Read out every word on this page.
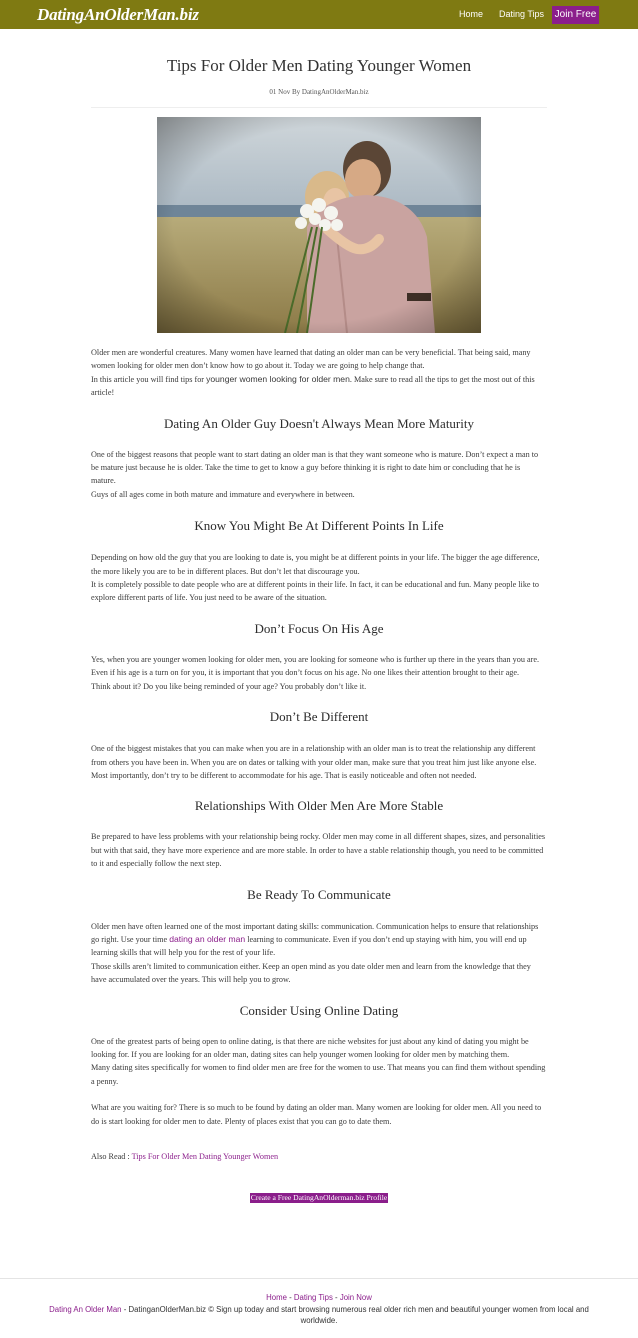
DatingAnOlderMan.biz	Home Dating Tips Join Free
Tips For Older Men Dating Younger Women
01 Nov By DatingAnOlderMan.biz

Older men are wonderful creatures. Many women have learned that dating an older man can be very beneficial. That being said, many women looking for older men don’t know how to go about it. Today we are going to help change that.

In this article you will find tips for younger women looking for older men. Make sure to read all the tips to get the most out of this article!

Dating An Older Guy Doesn't Always Mean More Maturity

One of the biggest reasons that people want to start dating an older man is that they want someone who is mature. Don’t expect a man to be mature just because he is older. Take the time to get to know a guy before thinking it is right to date him or concluding that he is mature.

Guys of all ages come in both mature and immature and everywhere in between.

Know You Might Be At Different Points In Life

Depending on how old the guy that you are looking to date is, you might be at different points in your life. The bigger the age difference, the more likely you are to be in different places. But don’t let that discourage you.

It is completely possible to date people who are at different points in their life. In fact, it can be educational and fun. Many people like to explore different parts of life. You just need to be aware of the situation.

Don’t Focus On His Age

Yes, when you are younger women looking for older men, you are looking for someone who is further up there in the years than you are. Even if his age is a turn on for you, it is important that you don’t focus on his age. No one likes their attention brought to their age.

Think about it? Do you like being reminded of your age? You probably don’t like it.

Don’t Be Different

One of the biggest mistakes that you can make when you are in a relationship with an older man is to treat the relationship any different from others you have been in. When you are on dates or talking with your older man, make sure that you treat him just like anyone else.

Most importantly, don’t try to be different to accommodate for his age. That is easily noticeable and often not needed.

Relationships With Older Men Are More Stable

Be prepared to have less problems with your relationship being rocky. Older men may come in all different shapes, sizes, and personalities but with that said, they have more experience and are more stable. In order to have a stable relationship though, you need to be committed to it and especially follow the next step.

Be Ready To Communicate

Older men have often learned one of the most important dating skills: communication. Communication helps to ensure that relationships go right. Use your time dating an older man learning to communicate. Even if you don’t end up staying with him, you will end up learning skills that will help you for the rest of your life.

Those skills aren’t limited to communication either. Keep an open mind as you date older men and learn from the knowledge that they have accumulated over the years. This will help you to grow.

Consider Using Online Dating

One of the greatest parts of being open to online dating, is that there are niche websites for just about any kind of dating you might be looking for. If you are looking for an older man, dating sites can help younger women looking for older men by matching them.

Many dating sites specifically for women to find older men are free for the women to use. That means you can find them without spending a penny.

What are you waiting for? There is so much to be found by dating an older man. Many women are looking for older men. All you need to do is start looking for older men to date. Plenty of places exist that you can go to date them.

Also Read : Tips For Older Men Dating Younger Women

Create a Free DatingAnOlderman.biz Profile
Home - Dating Tips - Join Now
Dating An Older Man - DatinganOlderMan.biz © Sign up today and start browsing numerous real older rich men and beautiful younger women from local and worldwide.
